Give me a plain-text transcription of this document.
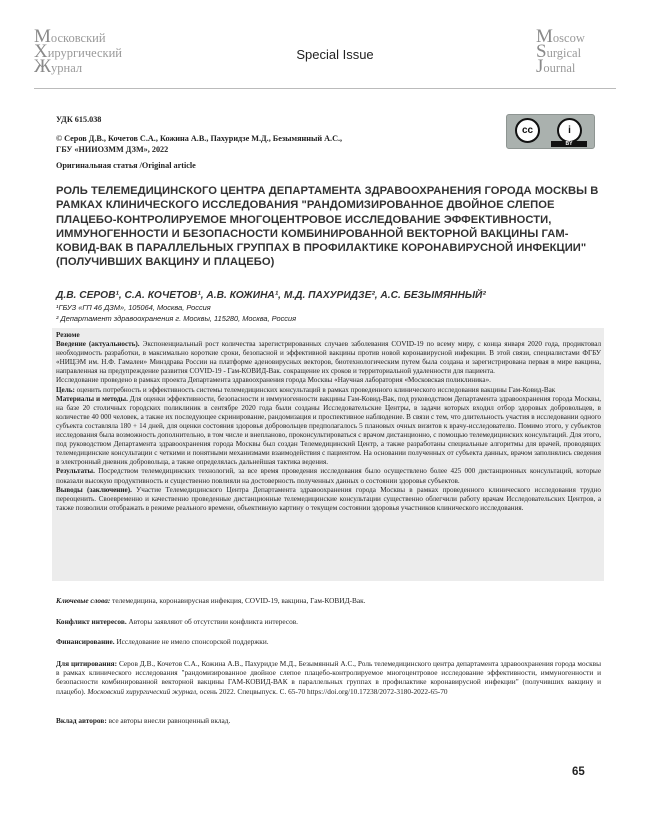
Московский
Хирургический
Журнал
Special Issue
Moscow
Surgical
Journal
УДК 615.038
© Серов Д.В., Кочетов С.А., Кожина А.В., Пахуридзе М.Д., Безымянный А.С.,
ГБУ «НИИОЗММ ДЗМ», 2022
Оригинальная статья /Original article
cc	i
BY
РОЛЬ ТЕЛЕМЕДИЦИНСКОГО ЦЕНТРА ДЕПАРТАМЕНТА ЗДРАВООХРАНЕНИЯ ГОРОДА МОСКВЫ В РАМКАХ КЛИНИЧЕСКОГО ИССЛЕДОВАНИЯ "РАНДОМИЗИРОВАННОЕ ДВОЙНОЕ СЛЕПОЕ ПЛАЦЕБО-КОНТРОЛИРУЕМОЕ МНОГОЦЕНТРОВОЕ ИССЛЕДОВАНИЕ ЭФФЕКТИВНОСТИ, ИММУНОГЕННОСТИ И БЕЗОПАСНОСТИ КОМБИНИРОВАННОЙ ВЕКТОРНОЙ ВАКЦИНЫ ГАМ-КОВИД-ВАК В ПАРАЛЛЕЛЬНЫХ ГРУППАХ В ПРОФИЛАКТИКЕ КОРОНАВИРУСНОЙ ИНФЕКЦИИ" (ПОЛУЧИВШИХ ВАКЦИНУ И ПЛАЦЕБО)
Д.В. СЕРОВ¹, С.А. КОЧЕТОВ¹, А.В. КОЖИНА¹, М.Д. ПАХУРИДЗЕ², А.С. БЕЗЫМЯННЫЙ²
¹ГБУЗ «ГП 46 ДЗМ», 105064, Москва, Россия
² Департамент здравоохранения г. Москвы, 115280, Москва, Россия

Резюме

Введение (актуальность). Экспоненциальный рост количества зарегистрированных случаев заболевания COVID-19 по всему миру, с конца января 2020 года, продиктовал необходимость разработки, в максимально короткие сроки, безопасной и эффективной вакцины против новой коронавирусной инфекции. В этой связи, специалистами ФГБУ «НИЦЭМ им. Н.Ф. Гамалеи» Минздрава России на платформе аденовирусных векторов, биотехнологическим путем была создана и зарегистрирована первая в мире вакцина, направленная на предупреждение развития COVID-19 - Гам-КОВИД-Вак. сокращение их сроков и территориальной удаленности для пациента.

Исследование проведено в рамках проекта Департамента здравоохранения города Москвы «Научная лаборатория «Московская поликлиника».

Цель: оценить потребность и эффективность системы телемедицинских консультаций в рамках проведенного клинического исследования вакцины Гам-Ковид-Вак

Материалы и методы. Для оценки эффективности, безопасности и иммуногенности вакцины Гам-Ковид-Вак, под руководством Департамента здравоохранения города Москвы, на базе 20 столичных городских поликлиник в сентябре 2020 года были созданы Исследовательские Центры, в задачи которых входил отбор здоровых добровольцев, в количестве 40 000 человек, а также их последующее скринирование, рандомизация и проспективное наблюдение. В связи с тем, что длительность участия в исследовании одного субъекта составляла 180 + 14 дней, для оценки состояния здоровья добровольцев предполагалось 5 плановых очных визитов к врачу-исследователю. Помимо этого, у субъектов исследования была возможность дополнительно, в том числе и внепланово, проконсультироваться с врачом дистанционно, с помощью телемедицинских консультаций. Для этого, под руководством Департамента здравоохранения города Москвы был создан Телемедицинский Центр, а также разработаны специальные алгоритмы для врачей, проводящих телемедицинские консультации с четкими и понятными механизмами взаимодействия с пациентом. На основании полученных от субъекта данных, врачом заполнялись сведения в электронный дневник добровольца, а также определялась дальнейшая тактика ведения.

Результаты. Посредством телемедицинских технологий, за все время проведения исследования было осуществлено более 425 000 дистанционных консультаций, которые показали высокую продуктивность и существенно повлияли на достоверность полученных данных о состоянии здоровья субъектов.

Выводы (заключение). Участие Телемедицинского Центра Департамента здравоохранения города Москвы в рамках проведенного клинического исследования трудно переоценить. Своевременно и качественно проведенные дистанционные телемедицинские консультации существенно облегчили работу врачам Исследовательских Центров, а также позволили отображать в режиме реального времени, объективную картину о текущем состоянии здоровья участников клинического исследования.

Ключевые слова: телемедицина, коронавирусная инфекция, COVID-19, вакцина, Гам-КОВИД-Вак.
Конфликт интересов. Авторы заявляют об отсутствии конфликта интересов.
Финансирование. Исследование не имело спонсорской поддержки.
Для цитирования: Серов Д.В., Кочетов С.А., Кожина А.В., Пахуридзе М.Д., Безымянный А.С., Роль телемедицинского центра департамента здравоохранения города москвы в рамках клинического исследования "рандомизированное двойное слепое плацебо-контролируемое многоцентровое исследование эффективности, иммуногенности и безопасности комбинированной векторной вакцины ГАМ-КОВИД-ВАК в параллельных группах в профилактике коронавирусной инфекции" (получивших вакцину и плацебо). Московский хирургический журнал, осень 2022. Спецвыпуск. С. 65-70 https://doi.org/10.17238/2072-3180-2022-65-70
Вклад авторов: все авторы внесли равноценный вклад.
65
